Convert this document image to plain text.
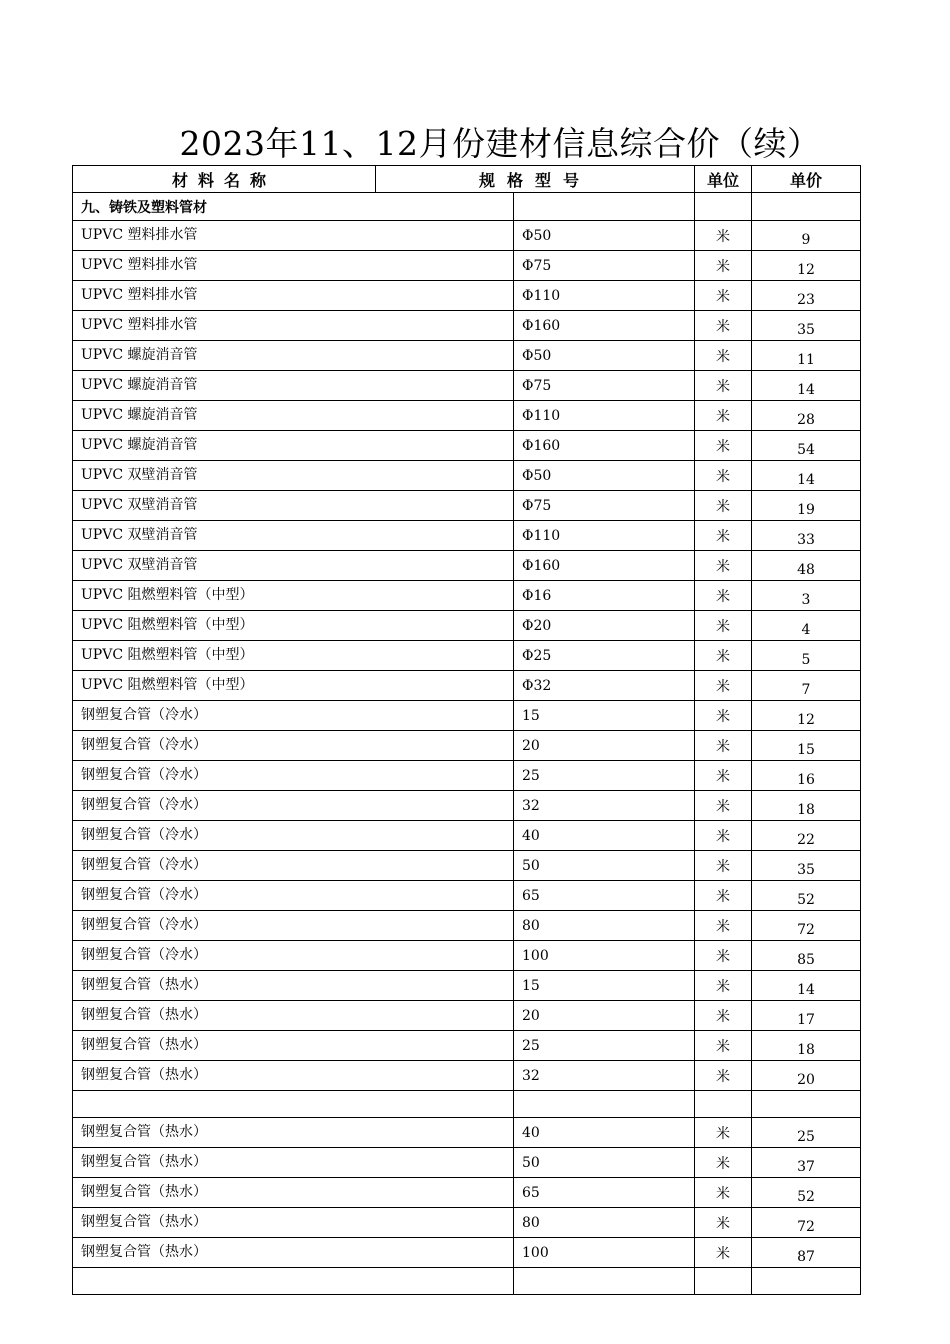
2023年11、12月份建材信息综合价（续）
材料名称	规格型号		单位	单价
九、铸铁及塑料管材				
UPVC 塑料排水管		Φ50	米	9
UPVC 塑料排水管		Φ75	米	12
UPVC 塑料排水管		Φ110	米	23
UPVC 塑料排水管		Φ160	米	35
UPVC 螺旋消音管		Φ50	米	11
UPVC 螺旋消音管		Φ75	米	14
UPVC 螺旋消音管		Φ110	米	28
UPVC 螺旋消音管		Φ160	米	54
UPVC 双壁消音管		Φ50	米	14
UPVC 双壁消音管		Φ75	米	19
UPVC 双壁消音管		Φ110	米	33
UPVC 双壁消音管		Φ160	米	48
UPVC 阻燃塑料管（中型）		Φ16	米	3
UPVC 阻燃塑料管（中型）		Φ20	米	4
UPVC 阻燃塑料管（中型）		Φ25	米	5
UPVC 阻燃塑料管（中型）		Φ32	米	7
钢塑复合管（冷水）		15	米	12
钢塑复合管（冷水）		20	米	15
钢塑复合管（冷水）		25	米	16
钢塑复合管（冷水）		32	米	18
钢塑复合管（冷水）		40	米	22
钢塑复合管（冷水）		50	米	35
钢塑复合管（冷水）		65	米	52
钢塑复合管（冷水）		80	米	72
钢塑复合管（冷水）		100	米	85
钢塑复合管（热水）		15	米	14
钢塑复合管（热水）		20	米	17
钢塑复合管（热水）		25	米	18
钢塑复合管（热水）		32	米	20

钢塑复合管（热水）		40	米	25
钢塑复合管（热水）		50	米	37
钢塑复合管（热水）		65	米	52
钢塑复合管（热水）		80	米	72
钢塑复合管（热水）		100	米	87
